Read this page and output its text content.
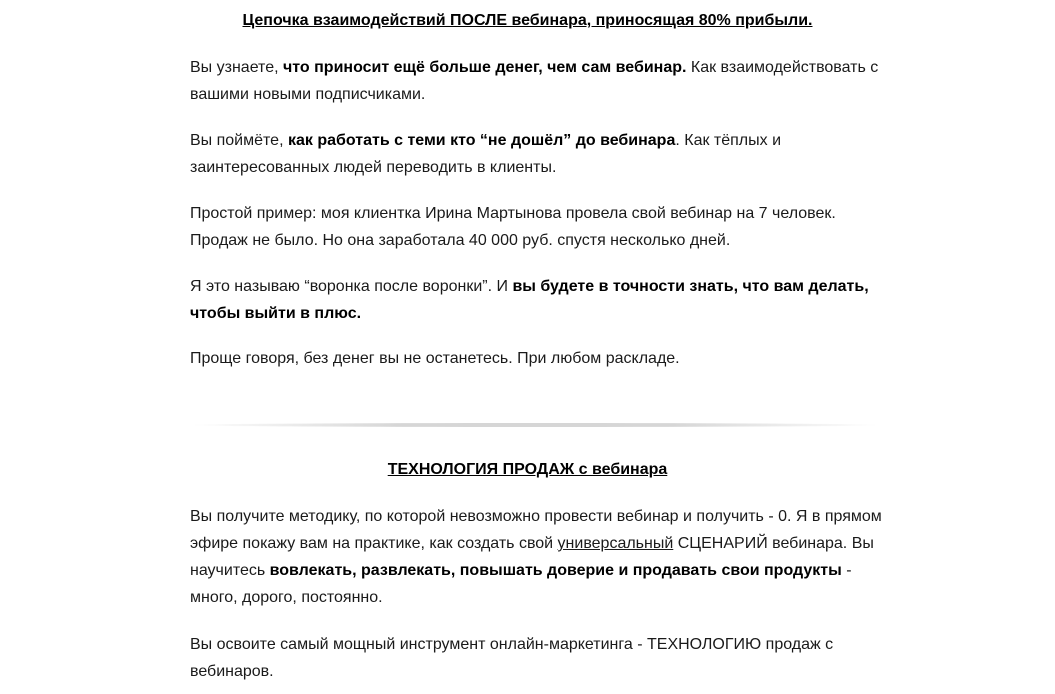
Цепочка взаимодействий ПОСЛЕ вебинара, приносящая 80% прибыли.

Вы узнаете, что приносит ещё больше денег, чем сам вебинар. Как взаимодействовать с вашими новыми подписчиками.

Вы поймёте, как работать с теми кто “не дошёл” до вебинара. Как тёплых и заинтересованных людей переводить в клиенты.

Простой пример: моя клиентка Ирина Мартынова провела свой вебинар на 7 человек. Продаж не было. Но она заработала 40 000 руб. спустя несколько дней.

Я это называю “воронка после воронки”. И вы будете в точности знать, что вам делать, чтобы выйти в плюс.

Проще говоря, без денег вы не останетесь. При любом раскладе.

ТЕХНОЛОГИЯ ПРОДАЖ с вебинара

Вы получите методику, по которой невозможно провести вебинар и получить - 0. Я в прямом эфире покажу вам на практике, как создать свой универсальный СЦЕНАРИЙ вебинара. Вы научитесь вовлекать, развлекать, повышать доверие и продавать свои продукты - много, дорого, постоянно.

Вы освоите самый мощный инструмент онлайн-маркетинга - ТЕХНОЛОГИЮ продаж с вебинаров.
